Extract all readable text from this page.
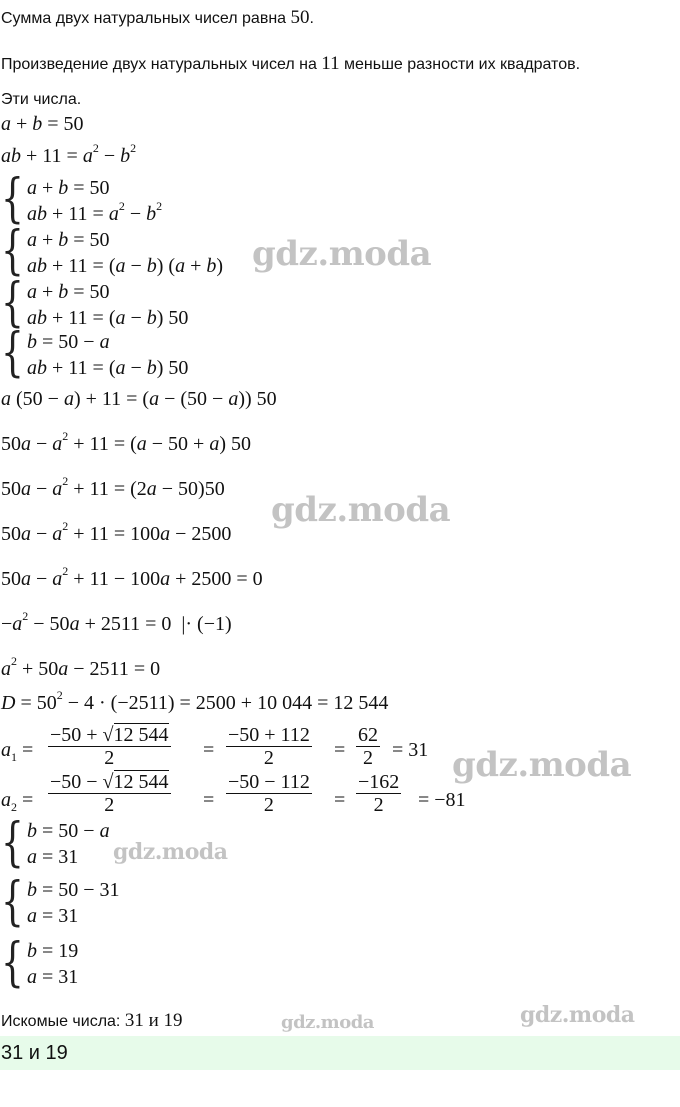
Сумма двух натуральных чисел равна 50.
Произведение двух натуральных чисел на 11 меньше разности их квадратов.
Эти числа.
a + b = 50
ab + $11 = a^2 - b^2$
{ a + b = 50
ab + $11 = a^2 - b^2$
{ a + b = 50
ab + 11 = (a − b) (a + b)
{ a + b = 50
ab + 11 = (a − b) 50
{ b = 50 − a
ab + 11 = (a − b) 50
a (50 − a) + 11 = (a − (50 − a)) 50
$50a - a^2 + 11 = (a - 50 + a)$ 50
$50a - a^2 + 11 = (2a - 50)50$
$50a - a^2 + 11 = 100a - 2500$
$50a - a^2 + 11 - 100a + 2500 = 0$
$-a^2 - 50a + 2511 = 0$  |· (−1)
$a^2 + 50a - 2511 = 0$
$D = 50^2 - 4 \cdot (-2511) = 2500 + 10$ 044 = 12 544
$a_1 = \frac{-50 + √12 544}{2} = \frac{-50 + 112}{2} = \frac{62}{2} = 31$
$a_2 = \frac{-50 - √12 544}{2} = \frac{-50 - 112}{2} = \frac{-162}{2} = -81$
{ b = 50 − a
a = 31
{ b = 50 − 31
a = 31
{ b = 19
a = 31
Искомые числа: 31 и 19
31 и 19
gdz.moda
gdz.moda
gdz.moda
gdz.moda
gdz.moda	gdz.moda
